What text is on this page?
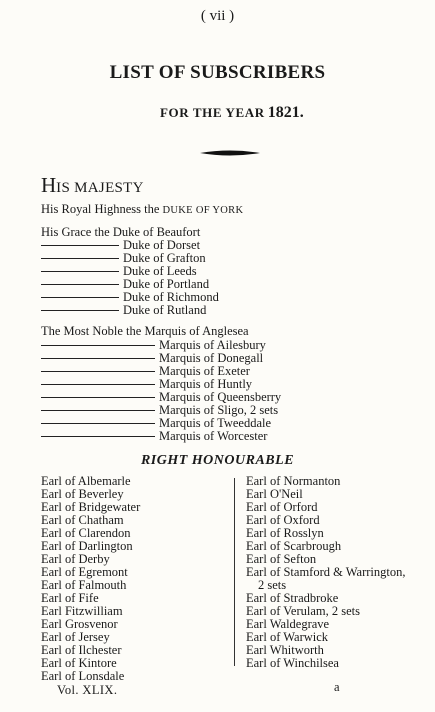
( vii )
LIST OF SUBSCRIBERS
FOR THE YEAR 1821.
HIS MAJESTY
His Royal Highness the DUKE OF YORK
His Grace the Duke of Beaufort
Duke of Dorset
Duke of Grafton
Duke of Leeds
Duke of Portland
Duke of Richmond
Duke of Rutland
The Most Noble the Marquis of Anglesea
Marquis of Ailesbury
Marquis of Donegall
Marquis of Exeter
Marquis of Huntly
Marquis of Queensberry
Marquis of Sligo, 2 sets
Marquis of Tweeddale
Marquis of Worcester
RIGHT HONOURABLE
Earl of Albemarle
Earl of Beverley
Earl of Bridgewater
Earl of Chatham
Earl of Clarendon
Earl of Darlington
Earl of Derby
Earl of Egremont
Earl of Falmouth
Earl of Fife
Earl Fitzwilliam
Earl Grosvenor
Earl of Jersey
Earl of Ilchester
Earl of Kintore
Earl of Lonsdale
Earl of Normanton
Earl O'Neil
Earl of Orford
Earl of Oxford
Earl of Rosslyn
Earl of Scarbrough
Earl of Sefton
Earl of Stamford & Warrington,
2 sets
Earl of Stradbroke
Earl of Verulam, 2 sets
Earl Waldegrave
Earl of Warwick
Earl Whitworth
Earl of Winchilsea
Vol. XLIX.	a
